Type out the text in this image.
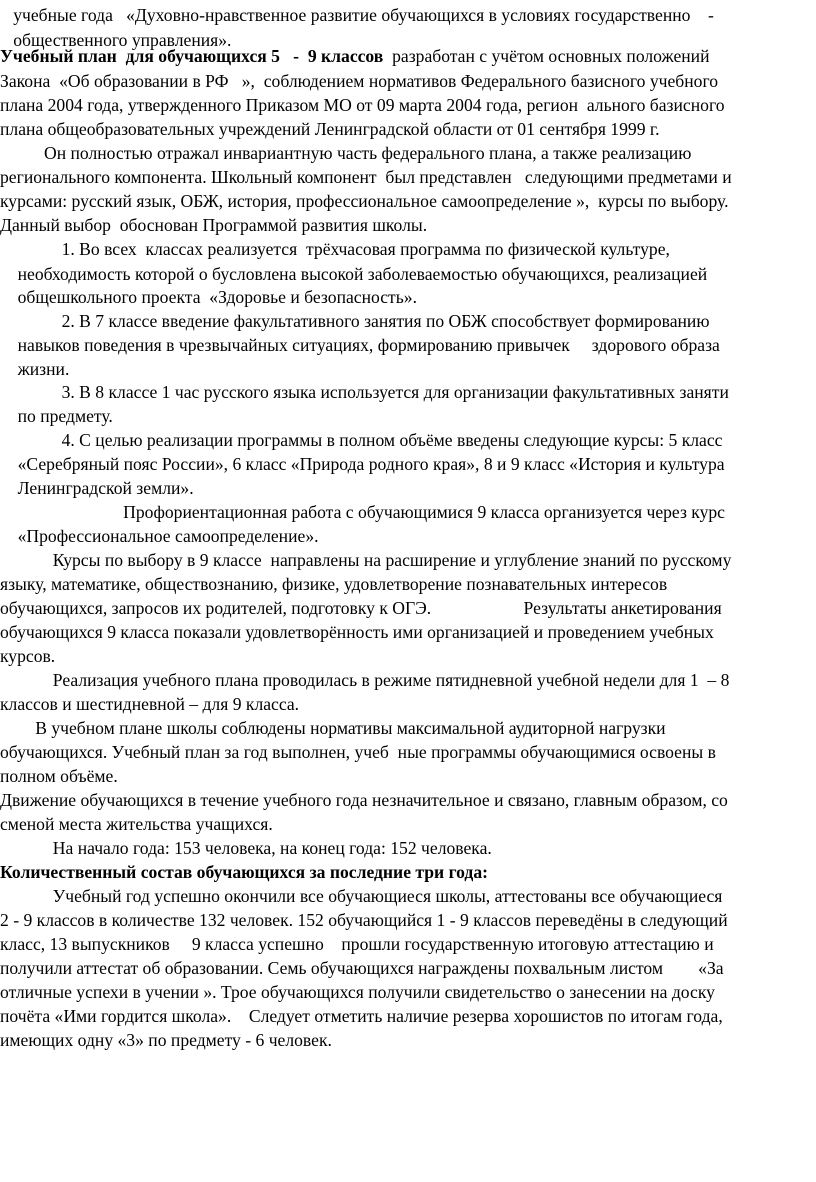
учебные года   «Духовно-нравственное развитие обучающихся в условиях государственно    -
общественного управления».
Учебный план  для обучающихся 5   -  9 классов  разработан с учётом основных положений
Закона  «Об образовании в РФ   »,  соблюдением нормативов Федерального базисного учебного
плана 2004 года, утвержденного Приказом МО от 09 марта 2004 года, регион  ального базисного
плана общеобразовательных учреждений Ленинградской области от 01 сентября 1999 г.
Он полностью отражал инвариантную часть федерального плана, а также реализацию
регионального компонента. Школьный компонент  был представлен   следующими предметами и
курсами: русский язык, ОБЖ, история, профессиональное самоопределение »,  курсы по выбору.
Данный выбор  обоснован Программой развития школы.
1. Во всех  классах реализуется  трёхчасовая программа по физической культуре,
необходимость которой о бусловлена высокой заболеваемостью обучающихся, реализацией
общешкольного проекта  «Здоровье и безопасность».
2. В 7 классе введение факультативного занятия по ОБЖ способствует формированию
навыков поведения в чрезвычайных ситуациях, формированию привычек     здорового образа
жизни.
3. В 8 классе 1 час русского языка используется для организации факультативных заняти
по предмету.
4. С целью реализации программы в полном объёме введены следующие курсы: 5 класс
«Серебряный пояс России», 6 класс «Природа родного края», 8 и 9 класс «История и культура
Ленинградской земли».
Профориентационная работа с обучающимися 9 класса организуется через курс
«Профессиональное самоопределение».
Курсы по выбору в 9 классе  направлены на расширение и углубление знаний по русскому
языку, математике, обществознанию, физике, удовлетворение познавательных интересов
обучающихся, запросов их родителей, подготовку к ОГЭ.                     Результаты анкетирования
обучающихся 9 класса показали удовлетворённость ими организацией и проведением учебных
курсов.
Реализация учебного плана проводилась в режиме пятидневной учебной недели для 1  – 8
классов и шестидневной – для 9 класса.
В учебном плане школы соблюдены нормативы максимальной аудиторной нагрузки
обучающихся. Учебный план за год выполнен, учеб  ные программы обучающимися освоены в
полном объёме.
Движение обучающихся в течение учебного года незначительное и связано, главным образом, со
сменой места жительства учащихся.
На начало года: 153 человека, на конец года: 152 человека.
Количественный состав обучающихся за последние три года:
Учебный год успешно окончили все обучающиеся школы, аттестованы все обучающиеся
2 - 9 классов в количестве 132 человек. 152 обучающийся 1 - 9 классов переведёны в следующий
класс, 13 выпускников     9 класса успешно    прошли государственную итоговую аттестацию и
получили аттестат об образовании. Семь обучающихся награждены похвальным листом        «За
отличные успехи в учении ». Трое обучающихся получили свидетельство о занесении на доску
почёта «Ими гордится школа».    Следует отметить наличие резерва хорошистов по итогам года,
имеющих одну «3» по предмету - 6 человек.
